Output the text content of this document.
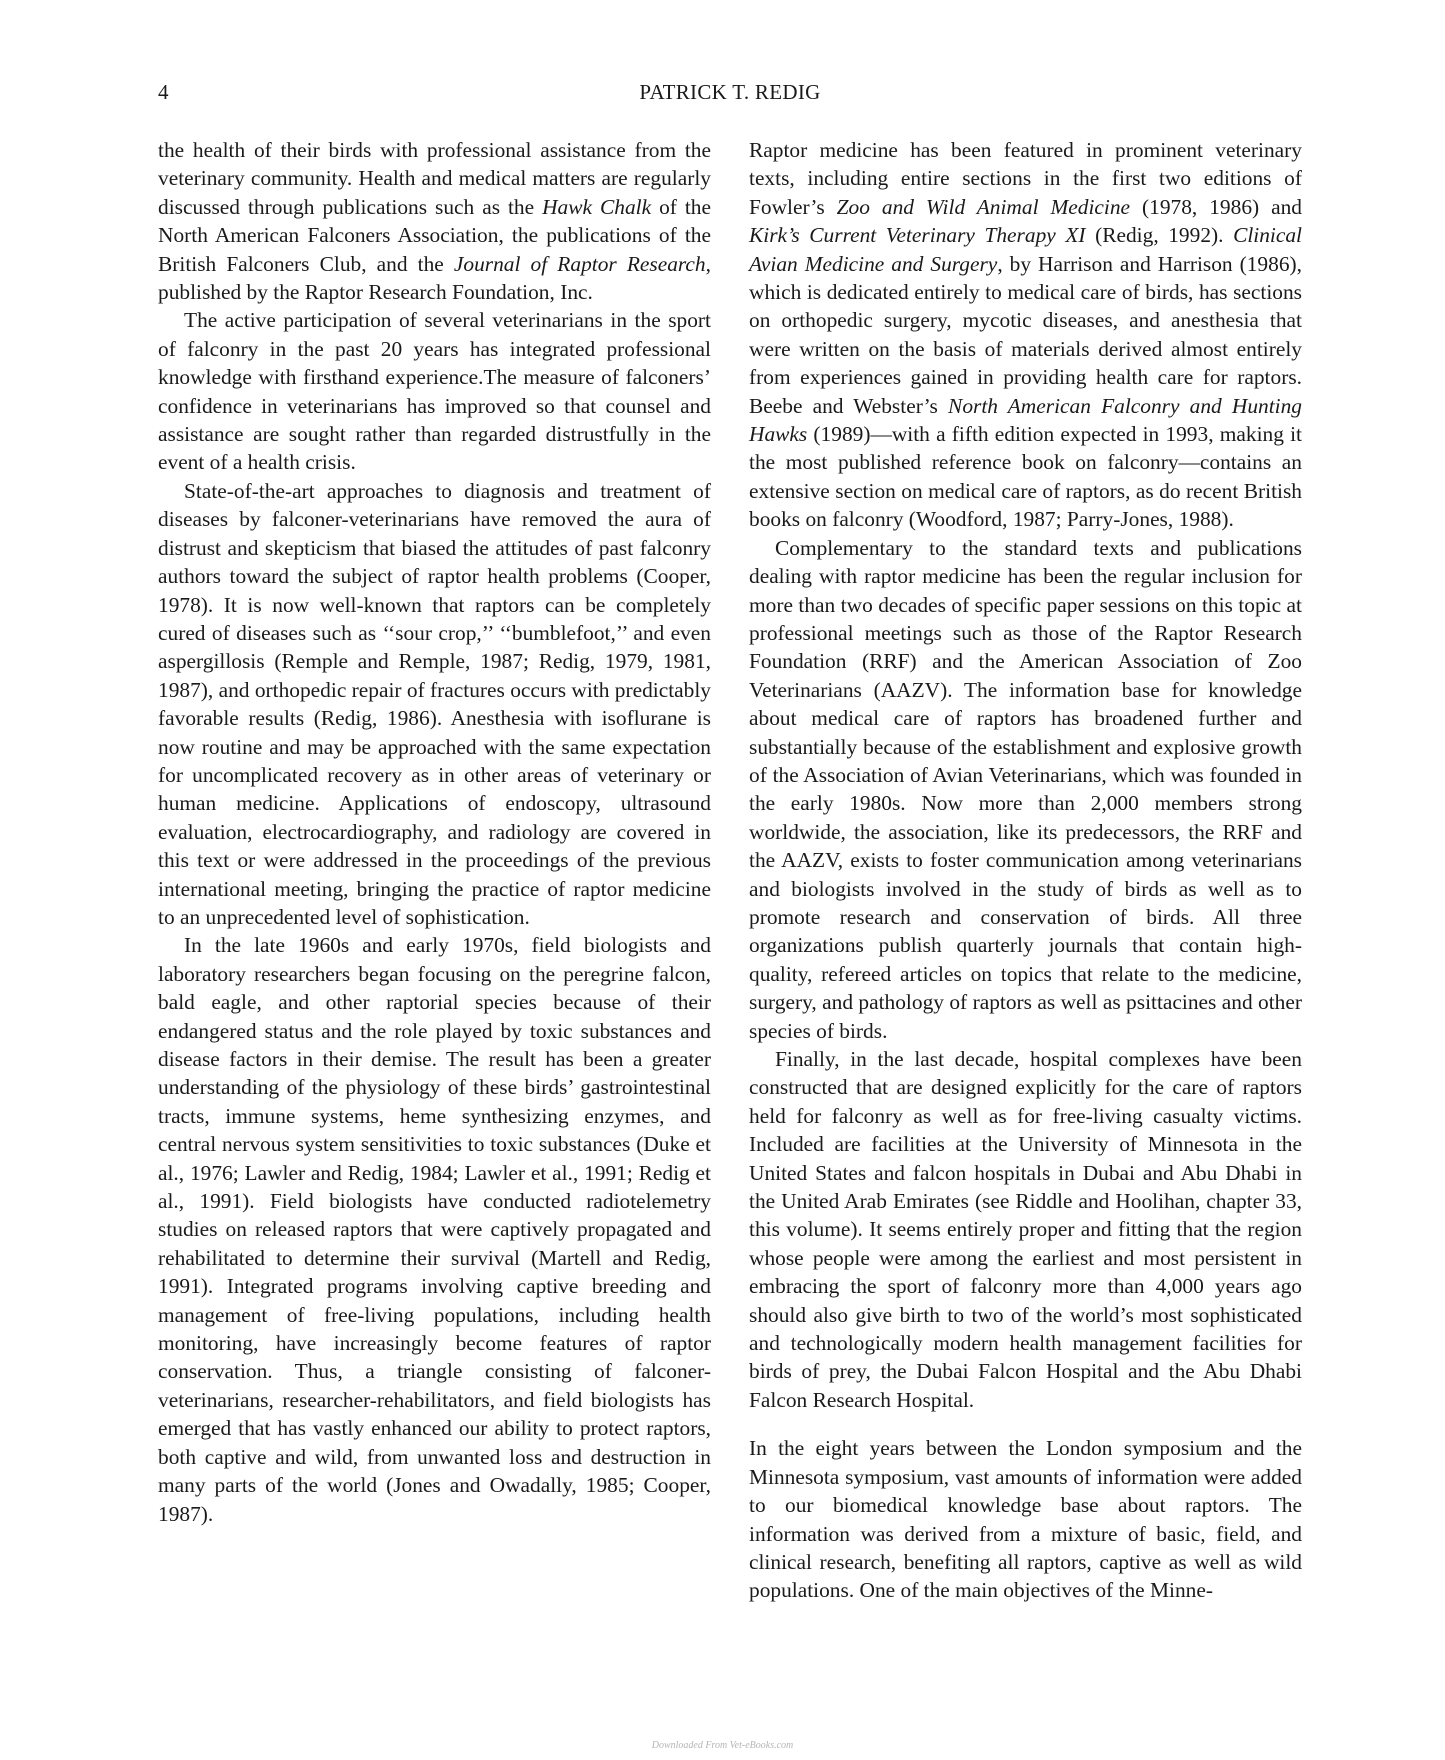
4	PATRICK T. REDIG

the health of their birds with professional assistance from the veterinary community. Health and medical matters are regularly discussed through publications such as the Hawk Chalk of the North American Falconers Association, the publications of the British Falconers Club, and the Journal of Raptor Research, published by the Raptor Research Foundation, Inc.

The active participation of several veterinarians in the sport of falconry in the past 20 years has integrated professional knowledge with firsthand experience.The measure of falconers’ confidence in veterinarians has improved so that counsel and assistance are sought rather than regarded distrustfully in the event of a health crisis.

State-of-the-art approaches to diagnosis and treatment of diseases by falconer-veterinarians have removed the aura of distrust and skepticism that biased the attitudes of past falconry authors toward the subject of raptor health problems (Cooper, 1978). It is now well-known that raptors can be completely cured of diseases such as ‘‘sour crop,’’ ‘‘bumblefoot,’’ and even aspergillosis (Remple and Remple, 1987; Redig, 1979, 1981, 1987), and orthopedic repair of fractures occurs with predictably favorable results (Redig, 1986). Anesthesia with isoflurane is now routine and may be approached with the same expectation for uncomplicated recovery as in other areas of veterinary or human medicine. Applications of endoscopy, ultrasound evaluation, electrocardiography, and radiology are covered in this text or were addressed in the proceedings of the previous international meeting, bringing the practice of raptor medicine to an unprecedented level of sophistication.

In the late 1960s and early 1970s, field biologists and laboratory researchers began focusing on the peregrine falcon, bald eagle, and other raptorial species because of their endangered status and the role played by toxic substances and disease factors in their demise. The result has been a greater understanding of the physiology of these birds’ gastrointestinal tracts, immune systems, heme synthesizing enzymes, and central nervous system sensitivities to toxic substances (Duke et al., 1976; Lawler and Redig, 1984; Lawler et al., 1991; Redig et al., 1991). Field biologists have conducted radiotelemetry studies on released raptors that were captively propagated and rehabilitated to determine their survival (Martell and Redig, 1991). Integrated programs involving captive breeding and management of free-living populations, including health monitoring, have increasingly become features of raptor conservation. Thus, a triangle consisting of falconer-veterinarians, researcher-rehabilitators, and field biologists has emerged that has vastly enhanced our ability to protect raptors, both captive and wild, from unwanted loss and destruction in many parts of the world (Jones and Owadally, 1985; Cooper, 1987).

Raptor medicine has been featured in prominent veterinary texts, including entire sections in the first two editions of Fowler’s Zoo and Wild Animal Medicine (1978, 1986) and Kirk’s Current Veterinary Therapy XI (Redig, 1992). Clinical Avian Medicine and Surgery, by Harrison and Harrison (1986), which is dedicated entirely to medical care of birds, has sections on orthopedic surgery, mycotic diseases, and anesthesia that were written on the basis of materials derived almost entirely from experiences gained in providing health care for raptors. Beebe and Webster’s North American Falconry and Hunting Hawks (1989)—with a fifth edition expected in 1993, making it the most published reference book on falconry—contains an extensive section on medical care of raptors, as do recent British books on falconry (Woodford, 1987; Parry-Jones, 1988).

Complementary to the standard texts and publications dealing with raptor medicine has been the regular inclusion for more than two decades of specific paper sessions on this topic at professional meetings such as those of the Raptor Research Foundation (RRF) and the American Association of Zoo Veterinarians (AAZV). The information base for knowledge about medical care of raptors has broadened further and substantially because of the establishment and explosive growth of the Association of Avian Veterinarians, which was founded in the early 1980s. Now more than 2,000 members strong worldwide, the association, like its predecessors, the RRF and the AAZV, exists to foster communication among veterinarians and biologists involved in the study of birds as well as to promote research and conservation of birds. All three organizations publish quarterly journals that contain high-quality, refereed articles on topics that relate to the medicine, surgery, and pathology of raptors as well as psittacines and other species of birds.

Finally, in the last decade, hospital complexes have been constructed that are designed explicitly for the care of raptors held for falconry as well as for free-living casualty victims. Included are facilities at the University of Minnesota in the United States and falcon hospitals in Dubai and Abu Dhabi in the United Arab Emirates (see Riddle and Hoolihan, chapter 33, this volume). It seems entirely proper and fitting that the region whose people were among the earliest and most persistent in embracing the sport of falconry more than 4,000 years ago should also give birth to two of the world’s most sophisticated and technologically modern health management facilities for birds of prey, the Dubai Falcon Hospital and the Abu Dhabi Falcon Research Hospital.

In the eight years between the London symposium and the Minnesota symposium, vast amounts of information were added to our biomedical knowledge base about raptors. The information was derived from a mixture of basic, field, and clinical research, benefiting all raptors, captive as well as wild populations. One of the main objectives of the Minne-

Downloaded From Vet-eBooks.com
